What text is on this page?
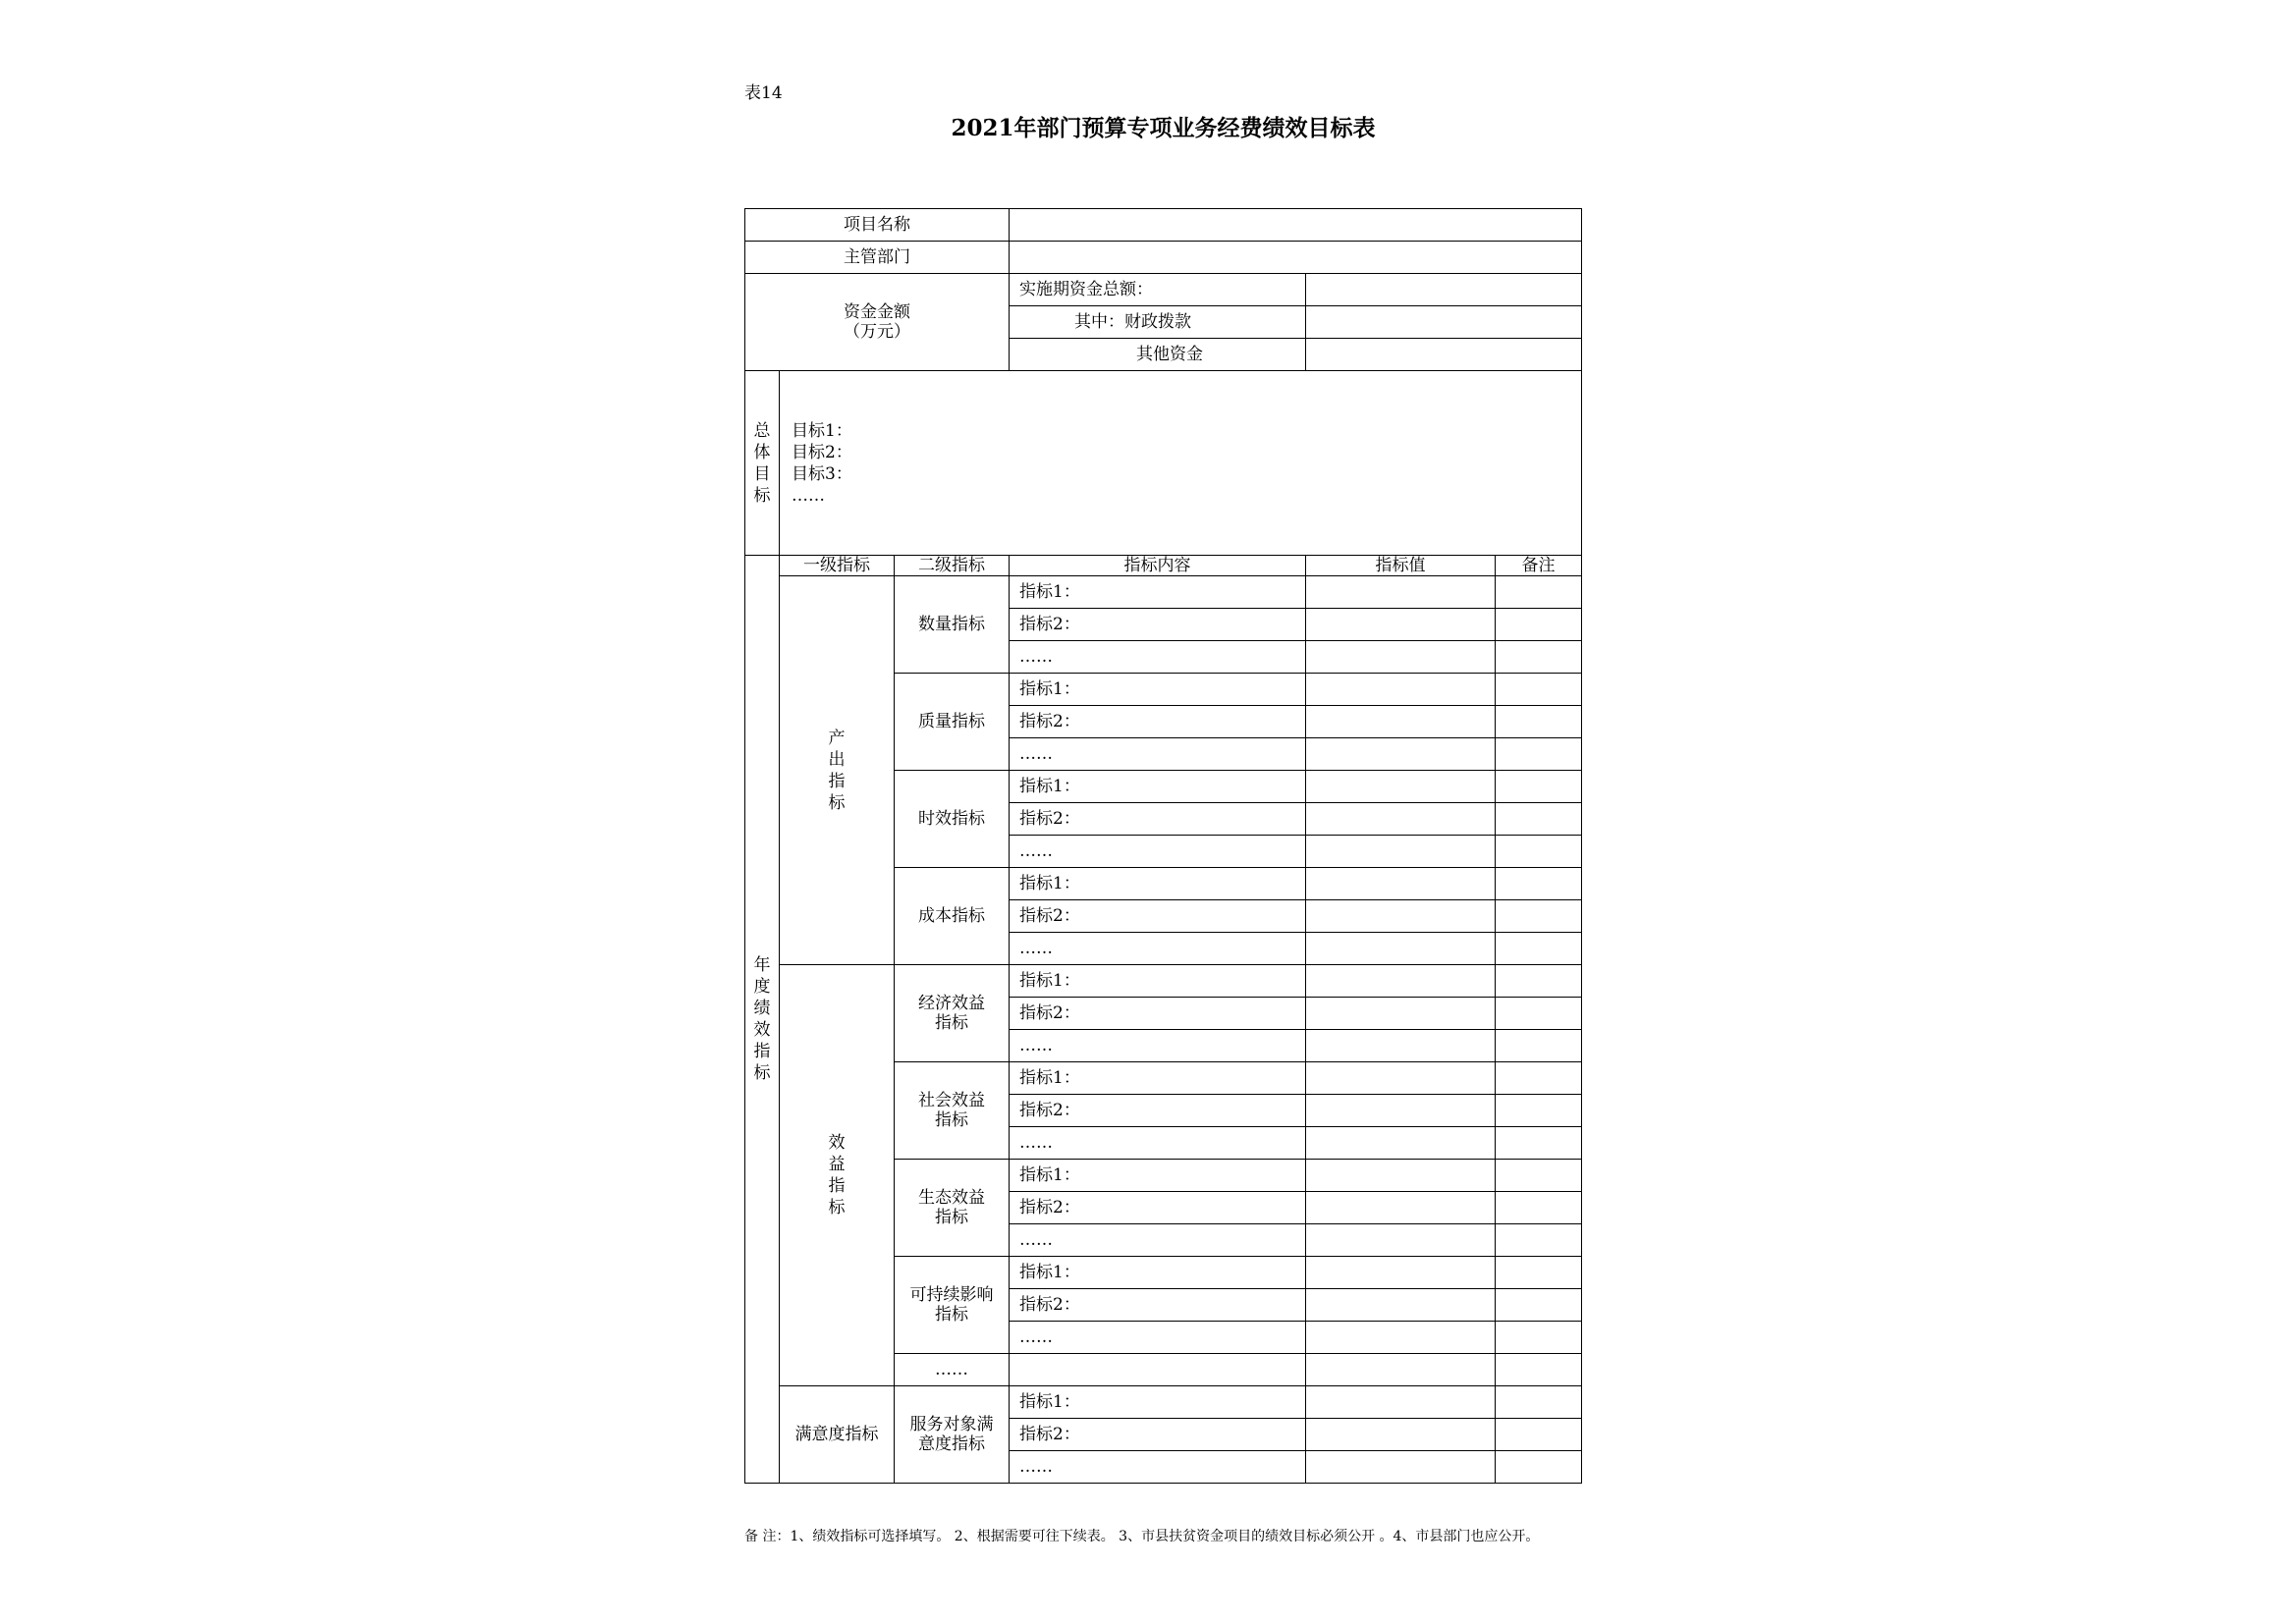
表14
2021年部门预算专项业务经费绩效目标表
项目名称					
主管部门					

资金金额
（万元）			实施期资金总额：		
			其中：财政拨款		
			其他资金		
总体目标	目标1：
目标2：
目标3：
……				

年度绩效指标	一级指标	二级指标	指标内容	指标值	备注
	产出指标	数量指标	指标1：		
			指标2：		
			……		
		质量指标	指标1：		
			指标2：		
			……		
		时效指标	指标1：		
			指标2：		
			……		
		成本指标	指标1：		
			指标2：		
			……		
	效益指标	经济效益指标	指标1：		
			指标2：		
			……		
		社会效益指标	指标1：		
			指标2：		
			……		
		生态效益指标	指标1：		
			指标2：		
			……		
		可持续影响指标	指标1：		
			指标2：		
			……		
		……			
	满意度指标	服务对象满意度指标	指标1：		
			指标2：		
			……		
备 注：1、绩效指标可选择填写。 2、根据需要可往下续表。 3、市县扶贫资金项目的绩效目标必须公开 。4、市县部门也应公开。
